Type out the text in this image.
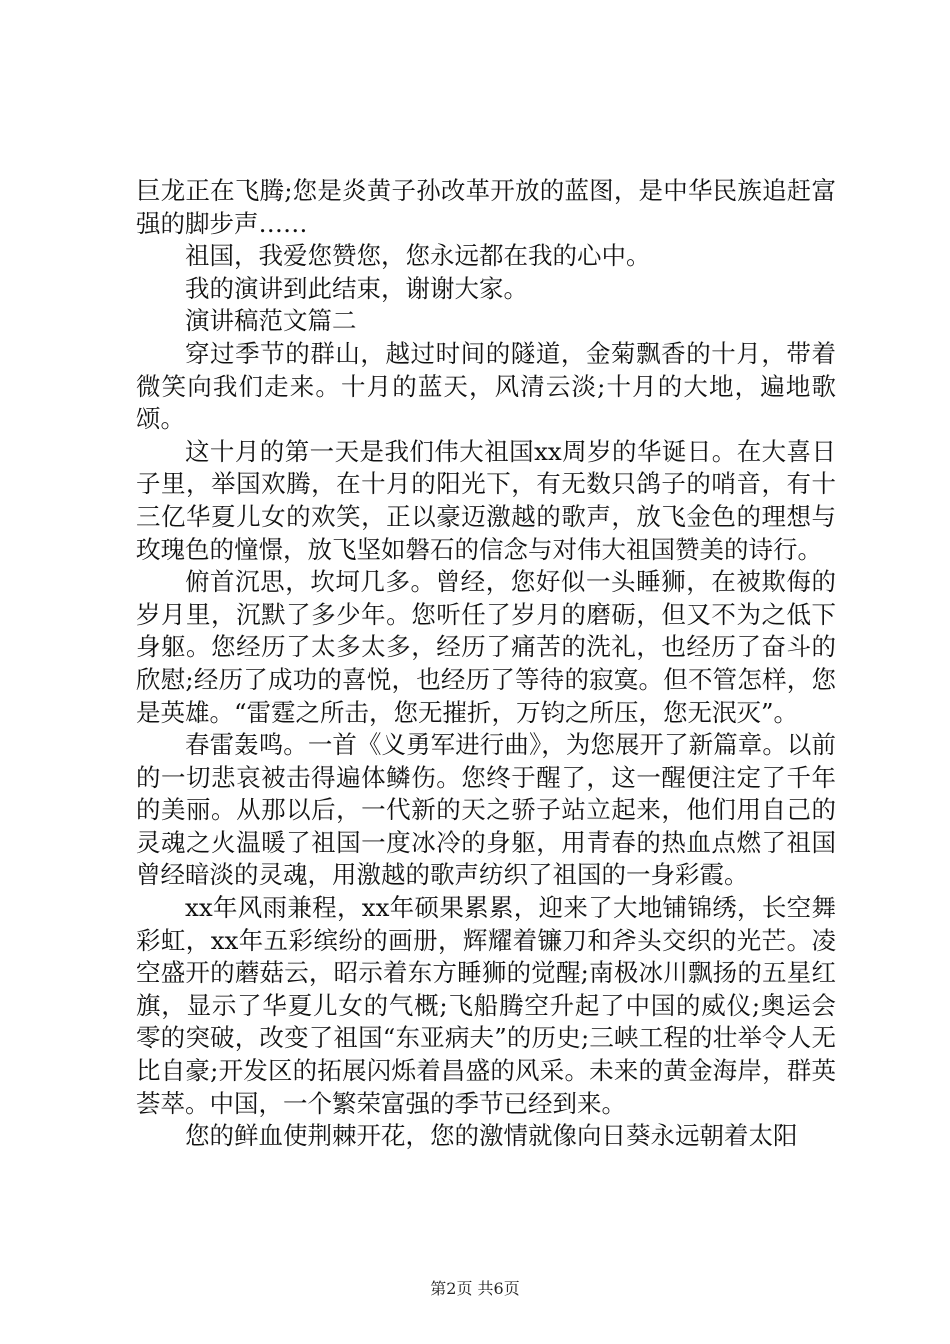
巨龙正在飞腾;您是炎黄子孙改革开放的蓝图，是中华民族追赶富强的脚步声……

祖国，我爱您赞您，您永远都在我的心中。

我的演讲到此结束，谢谢大家。

演讲稿范文篇二

穿过季节的群山，越过时间的隧道，金菊飘香的十月，带着微笑向我们走来。十月的蓝天，风清云淡;十月的大地，遍地歌颂。

这十月的第一天是我们伟大祖国xx周岁的华诞日。在大喜日子里，举国欢腾，在十月的阳光下，有无数只鸽子的哨音，有十三亿华夏儿女的欢笑，正以豪迈激越的歌声，放飞金色的理想与玫瑰色的憧憬，放飞坚如磐石的信念与对伟大祖国赞美的诗行。

俯首沉思，坎坷几多。曾经，您好似一头睡狮，在被欺侮的岁月里，沉默了多少年。您听任了岁月的磨砺，但又不为之低下身躯。您经历了太多太多，经历了痛苦的洗礼，也经历了奋斗的欣慰;经历了成功的喜悦，也经历了等待的寂寞。但不管怎样，您是英雄。“雷霆之所击，您无摧折，万钧之所压，您无泯灭”。

春雷轰鸣。一首《义勇军进行曲》，为您展开了新篇章。以前的一切悲哀被击得遍体鳞伤。您终于醒了，这一醒便注定了千年的美丽。从那以后，一代新的天之骄子站立起来，他们用自己的灵魂之火温暖了祖国一度冰冷的身躯，用青春的热血点燃了祖国曾经暗淡的灵魂，用激越的歌声纺织了祖国的一身彩霞。

xx年风雨兼程，xx年硕果累累，迎来了大地铺锦绣，长空舞彩虹，xx年五彩缤纷的画册，辉耀着镰刀和斧头交织的光芒。凌空盛开的蘑菇云，昭示着东方睡狮的觉醒;南极冰川飘扬的五星红旗，显示了华夏儿女的气概;飞船腾空升起了中国的威仪;奥运会零的突破，改变了祖国“东亚病夫”的历史;三峡工程的壮举令人无比自豪;开发区的拓展闪烁着昌盛的风采。未来的黄金海岸，群英荟萃。中国，一个繁荣富强的季节已经到来。

您的鲜血使荆棘开花，您的激情就像向日葵永远朝着太阳

第2页 共6页
